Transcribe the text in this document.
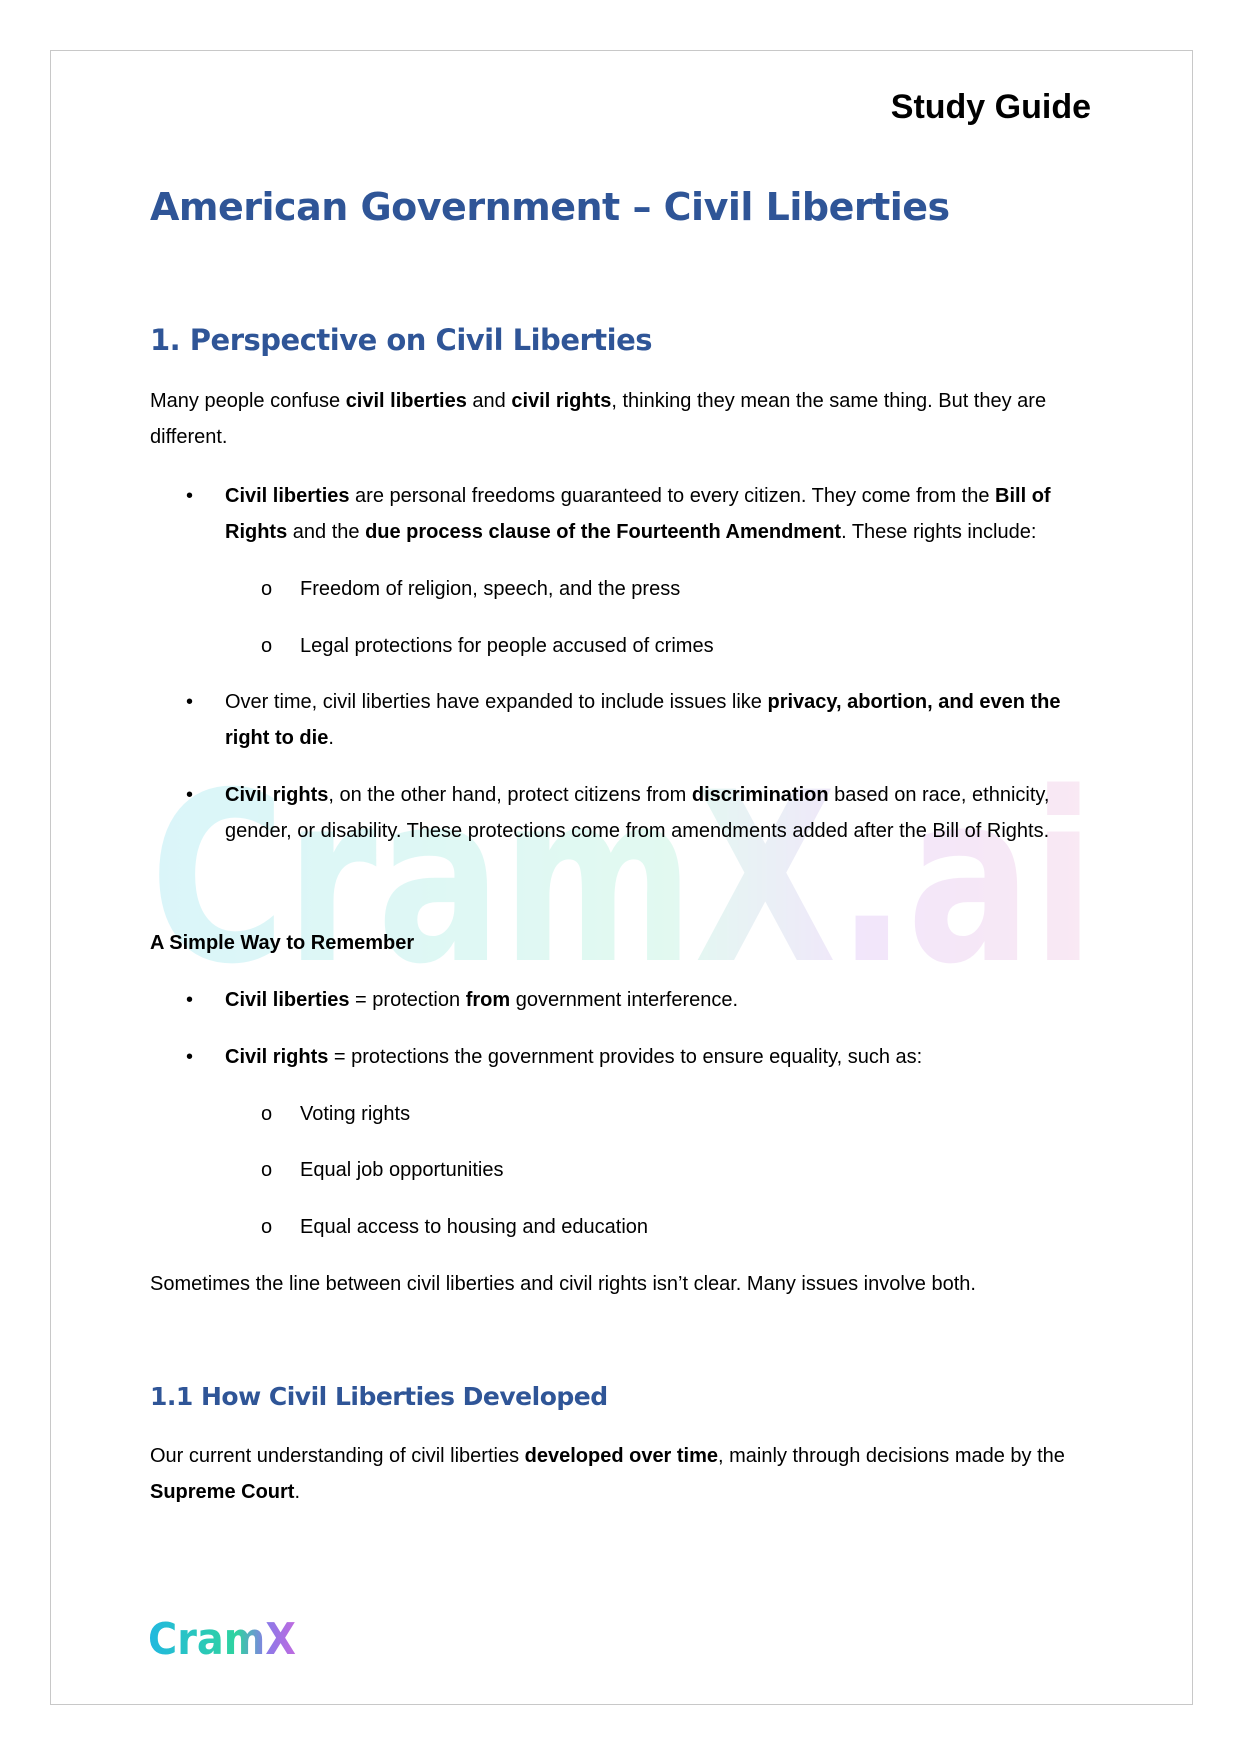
Study Guide
American Government – Civil Liberties
1. Perspective on Civil Liberties

Many people confuse civil liberties and civil rights, thinking they mean the same thing. But they are different.

• Civil liberties are personal freedoms guaranteed to every citizen. They come from the Bill of Rights and the due process clause of the Fourteenth Amendment. These rights include:
o Freedom of religion, speech, and the press
o Legal protections for people accused of crimes
• Over time, civil liberties have expanded to include issues like privacy, abortion, and even the right to die.
• Civil rights, on the other hand, protect citizens from discrimination based on race, ethnicity, gender, or disability. These protections come from amendments added after the Bill of Rights.
A Simple Way to Remember
• Civil liberties = protection from government interference.
• Civil rights = protections the government provides to ensure equality, such as:
o Voting rights
o Equal job opportunities
o Equal access to housing and education

Sometimes the line between civil liberties and civil rights isn’t clear. Many issues involve both.

1.1 How Civil Liberties Developed

Our current understanding of civil liberties developed over time, mainly through decisions made by the Supreme Court.

CramX
